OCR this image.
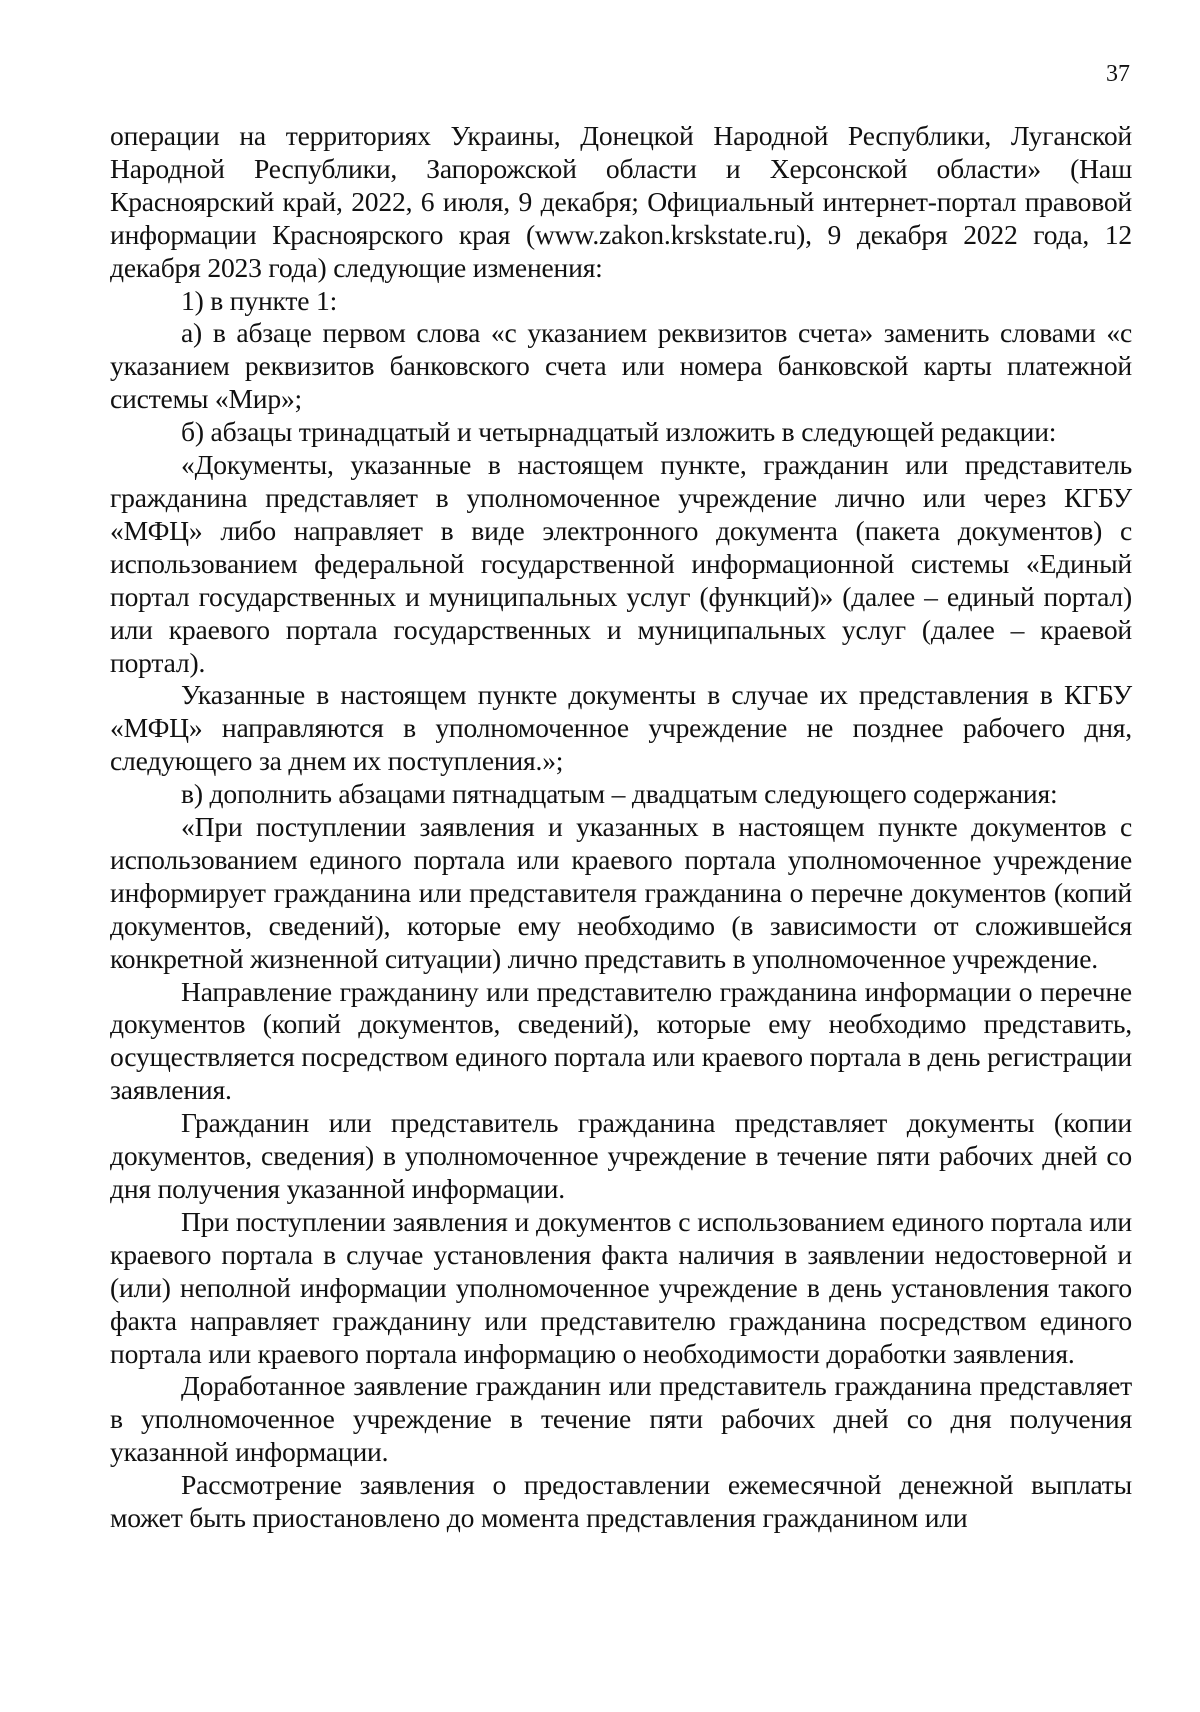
37

операции на территориях Украины, Донецкой Народной Республики, Луганской Народной Республики, Запорожской области и Херсонской области» (Наш Красноярский край, 2022, 6 июля, 9 декабря; Официальный интернет-портал правовой информации Красноярского края (www.zakon.krskstate.ru), 9 декабря 2022 года, 12 декабря 2023 года) следующие изменения:

1) в пункте 1:

а) в абзаце первом слова «с указанием реквизитов счета» заменить словами «с указанием реквизитов банковского счета или номера банковской карты платежной системы «Мир»;

б) абзацы тринадцатый и четырнадцатый изложить в следующей редакции:

«Документы, указанные в настоящем пункте, гражданин или представитель гражданина представляет в уполномоченное учреждение лично или через КГБУ «МФЦ» либо направляет в виде электронного документа (пакета документов) с использованием федеральной государственной информационной системы «Единый портал государственных и муниципальных услуг (функций)» (далее – единый портал) или краевого портала государственных и муниципальных услуг (далее – краевой портал).

Указанные в настоящем пункте документы в случае их представления в КГБУ «МФЦ» направляются в уполномоченное учреждение не позднее рабочего дня, следующего за днем их поступления.»;

в) дополнить абзацами пятнадцатым – двадцатым следующего содержания:

«При поступлении заявления и указанных в настоящем пункте документов с использованием единого портала или краевого портала уполномоченное учреждение информирует гражданина или представителя гражданина о перечне документов (копий документов, сведений), которые ему необходимо (в зависимости от сложившейся конкретной жизненной ситуации) лично представить в уполномоченное учреждение.

Направление гражданину или представителю гражданина информации о перечне документов (копий документов, сведений), которые ему необходимо представить, осуществляется посредством единого портала или краевого портала в день регистрации заявления.

Гражданин или представитель гражданина представляет документы (копии документов, сведения) в уполномоченное учреждение в течение пяти рабочих дней со дня получения указанной информации.

При поступлении заявления и документов с использованием единого портала или краевого портала в случае установления факта наличия в заявлении недостоверной и (или) неполной информации уполномоченное учреждение в день установления такого факта направляет гражданину или представителю гражданина посредством единого портала или краевого портала информацию о необходимости доработки заявления.

Доработанное заявление гражданин или представитель гражданина представляет в уполномоченное учреждение в течение пяти рабочих дней со дня получения указанной информации.

Рассмотрение заявления о предоставлении ежемесячной денежной выплаты может быть приостановлено до момента представления гражданином или
